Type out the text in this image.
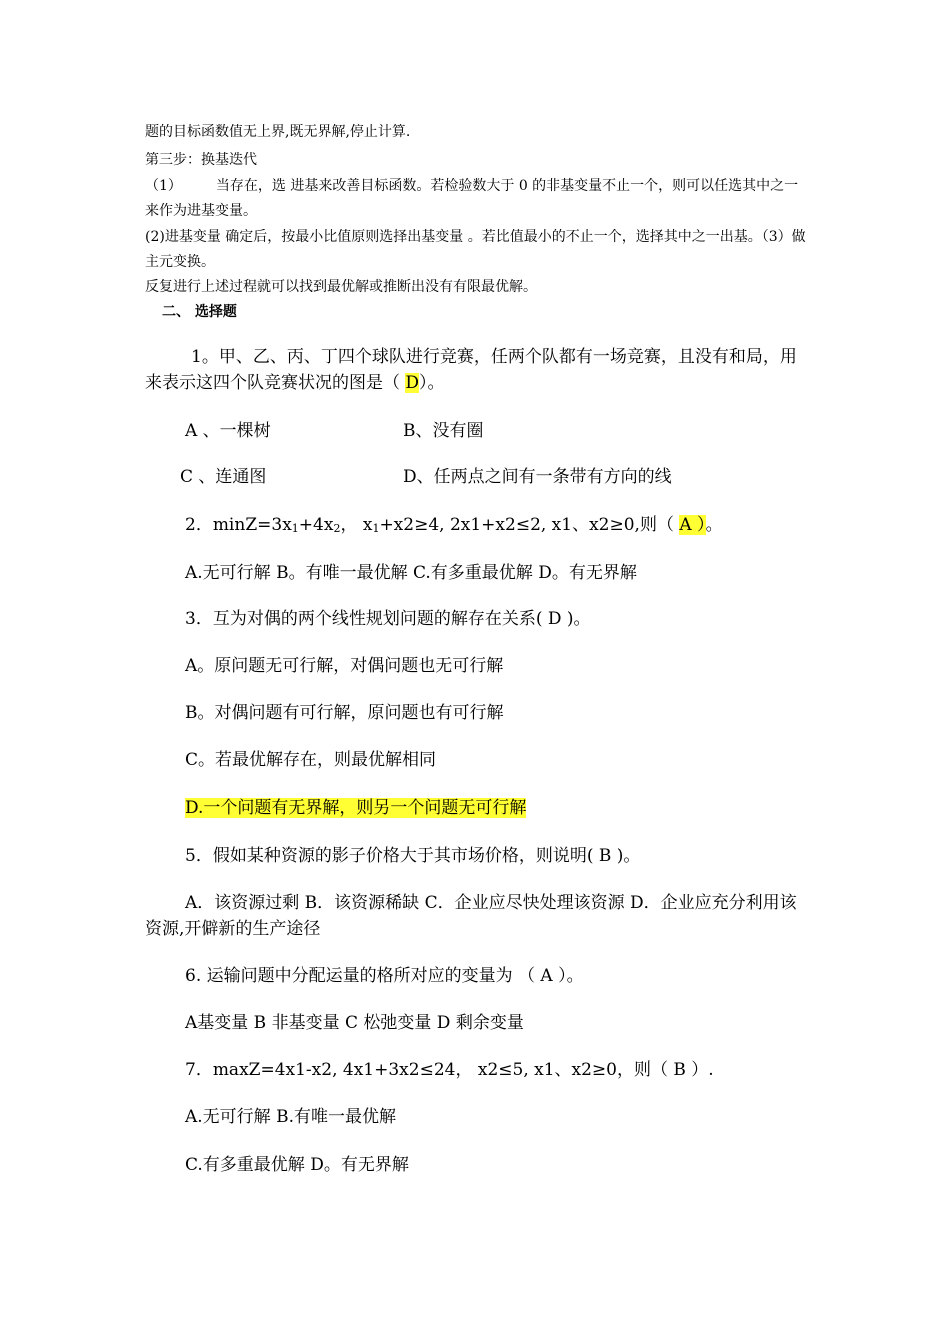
题的目标函数值无上界,既无界解,停止计算.
第三步：换基迭代
（1） 当存在，选 进基来改善目标函数。若检验数大于 0 的非基变量不止一个，则可以任选其中之一来作为进基变量。
(2)进基变量 确定后，按最小比值原则选择出基变量 。若比值最小的不止一个，选择其中之一出基。（3）做主元变换。
反复进行上述过程就可以找到最优解或推断出没有有限最优解。
二、 选择题
1。甲、乙、丙、丁四个球队进行竞赛，任两个队都有一场竞赛，且没有和局，用来表示这四个队竞赛状况的图是（ D）。
A 、一棵树	B、没有圈
C 、连通图	D、任两点之间有一条带有方向的线
2．$\min Z=3x_1+4x_2$， $x_1+x2\ge 4$, 2x1+x2≤2, x1、x2≥0,则（ A ）。
A.无可行解 B。有唯一最优解 C.有多重最优解 D。有无界解
3．互为对偶的两个线性规划问题的解存在关系( D )。
A。原问题无可行解，对偶问题也无可行解
B。对偶问题有可行解，原问题也有可行解
C。若最优解存在，则最优解相同
D.一个问题有无界解，则另一个问题无可行解
5．假如某种资源的影子价格大于其市场价格，则说明( B )。
A．该资源过剩 B．该资源稀缺 C．企业应尽快处理该资源 D．企业应充分利用该资源,开僻新的生产途径
6. 运输问题中分配运量的格所对应的变量为 （ A ）。
A基变量 B 非基变量 C 松弛变量 D 剩余变量
7．maxZ=4x1-x2, 4x1+3x2≤24， x2≤5, x1、x2≥0，则（ B ）.
A.无可行解 B.有唯一最优解
C.有多重最优解 D。有无界解
